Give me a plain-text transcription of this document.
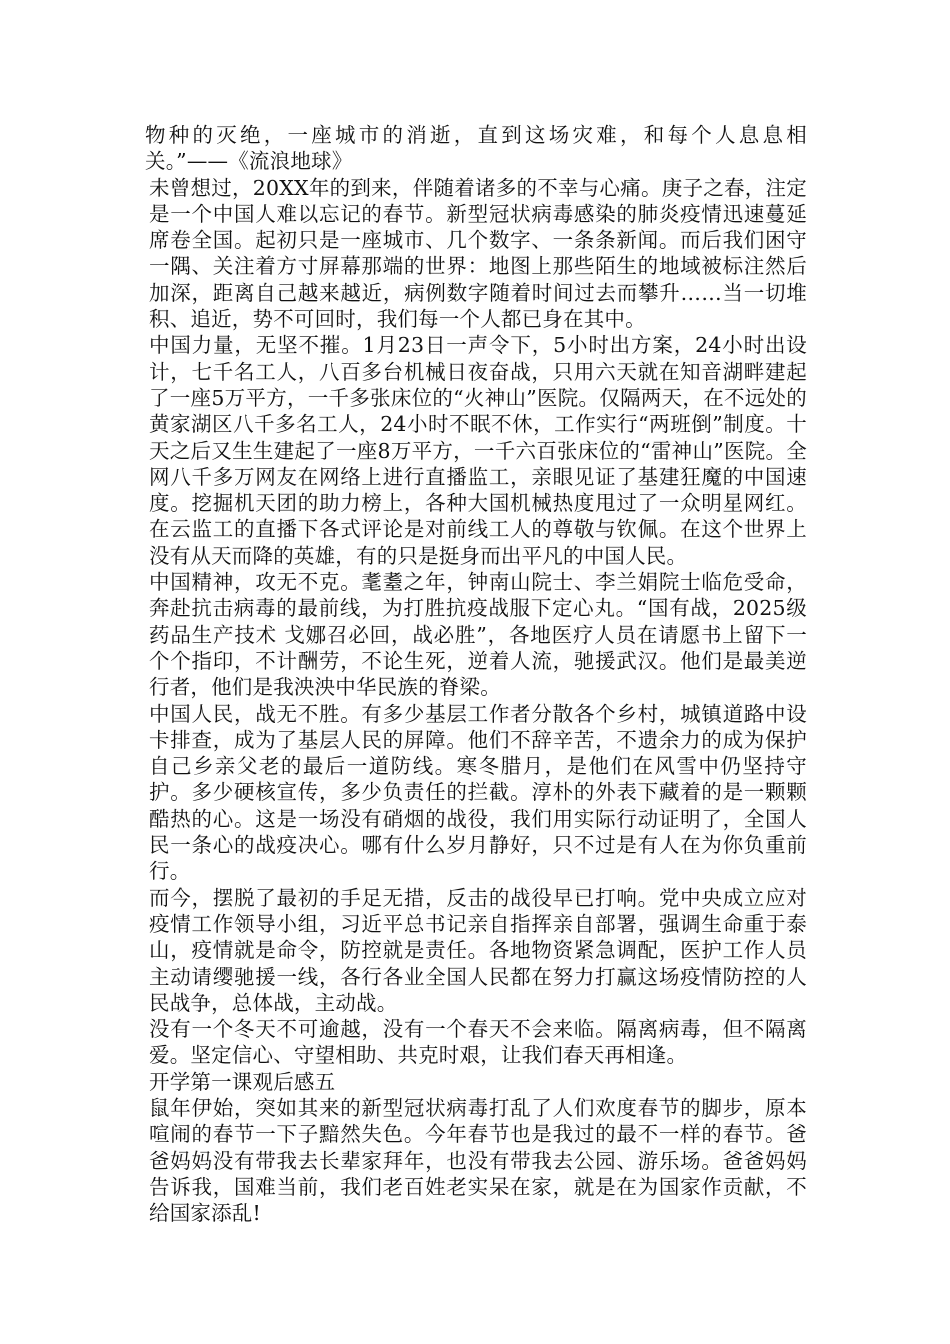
物种的灭绝，一座城市的消逝，直到这场灾难，和每个人息息相关。”——《流浪地球》

未曾想过，20XX年的到来，伴随着诸多的不幸与心痛。庚子之春，注定是一个中国人难以忘记的春节。新型冠状病毒感染的肺炎疫情迅速蔓延席卷全国。起初只是一座城市、几个数字、一条条新闻。而后我们困守一隅、关注着方寸屏幕那端的世界：地图上那些陌生的地域被标注然后加深，距离自己越来越近，病例数字随着时间过去而攀升……当一切堆积、追近，势不可回时，我们每一个人都已身在其中。

中国力量，无坚不摧。1月23日一声令下，5小时出方案，24小时出设计，七千名工人，八百多台机械日夜奋战，只用六天就在知音湖畔建起了一座5万平方，一千多张床位的“火神山”医院。仅隔两天，在不远处的黄家湖区八千多名工人，24小时不眠不休，工作实行“两班倒”制度。十天之后又生生建起了一座8万平方，一千六百张床位的“雷神山”医院。全网八千多万网友在网络上进行直播监工，亲眼见证了基建狂魔的中国速度。挖掘机天团的助力榜上，各种大国机械热度甩过了一众明星网红。在云监工的直播下各式评论是对前线工人的尊敬与钦佩。在这个世界上没有从天而降的英雄，有的只是挺身而出平凡的中国人民。

中国精神，攻无不克。耄耋之年，钟南山院士、李兰娟院士临危受命，奔赴抗击病毒的最前线，为打胜抗疫战服下定心丸。“国有战，2025级药品生产技术 戈娜召必回，战必胜”，各地医疗人员在请愿书上留下一个个指印，不计酬劳，不论生死，逆着人流，驰援武汉。他们是最美逆行者，他们是我泱泱中华民族的脊梁。

中国人民，战无不胜。有多少基层工作者分散各个乡村，城镇道路中设卡排查，成为了基层人民的屏障。他们不辞辛苦，不遗余力的成为保护自己乡亲父老的最后一道防线。寒冬腊月，是他们在风雪中仍坚持守护。多少硬核宣传，多少负责任的拦截。淳朴的外表下藏着的是一颗颗酷热的心。这是一场没有硝烟的战役，我们用实际行动证明了，全国人民一条心的战疫决心。哪有什么岁月静好，只不过是有人在为你负重前行。

而今，摆脱了最初的手足无措，反击的战役早已打响。党中央成立应对疫情工作领导小组，习近平总书记亲自指挥亲自部署，强调生命重于泰山，疫情就是命令，防控就是责任。各地物资紧急调配，医护工作人员主动请缨驰援一线，各行各业全国人民都在努力打赢这场疫情防控的人民战争，总体战，主动战。

没有一个冬天不可逾越，没有一个春天不会来临。隔离病毒，但不隔离爱。坚定信心、守望相助、共克时艰，让我们春天再相逢。

开学第一课观后感五

鼠年伊始，突如其来的新型冠状病毒打乱了人们欢度春节的脚步，原本喧闹的春节一下子黯然失色。今年春节也是我过的最不一样的春节。爸爸妈妈没有带我去长辈家拜年，也没有带我去公园、游乐场。爸爸妈妈告诉我，国难当前，我们老百姓老实呆在家，就是在为国家作贡献，不给国家添乱!
